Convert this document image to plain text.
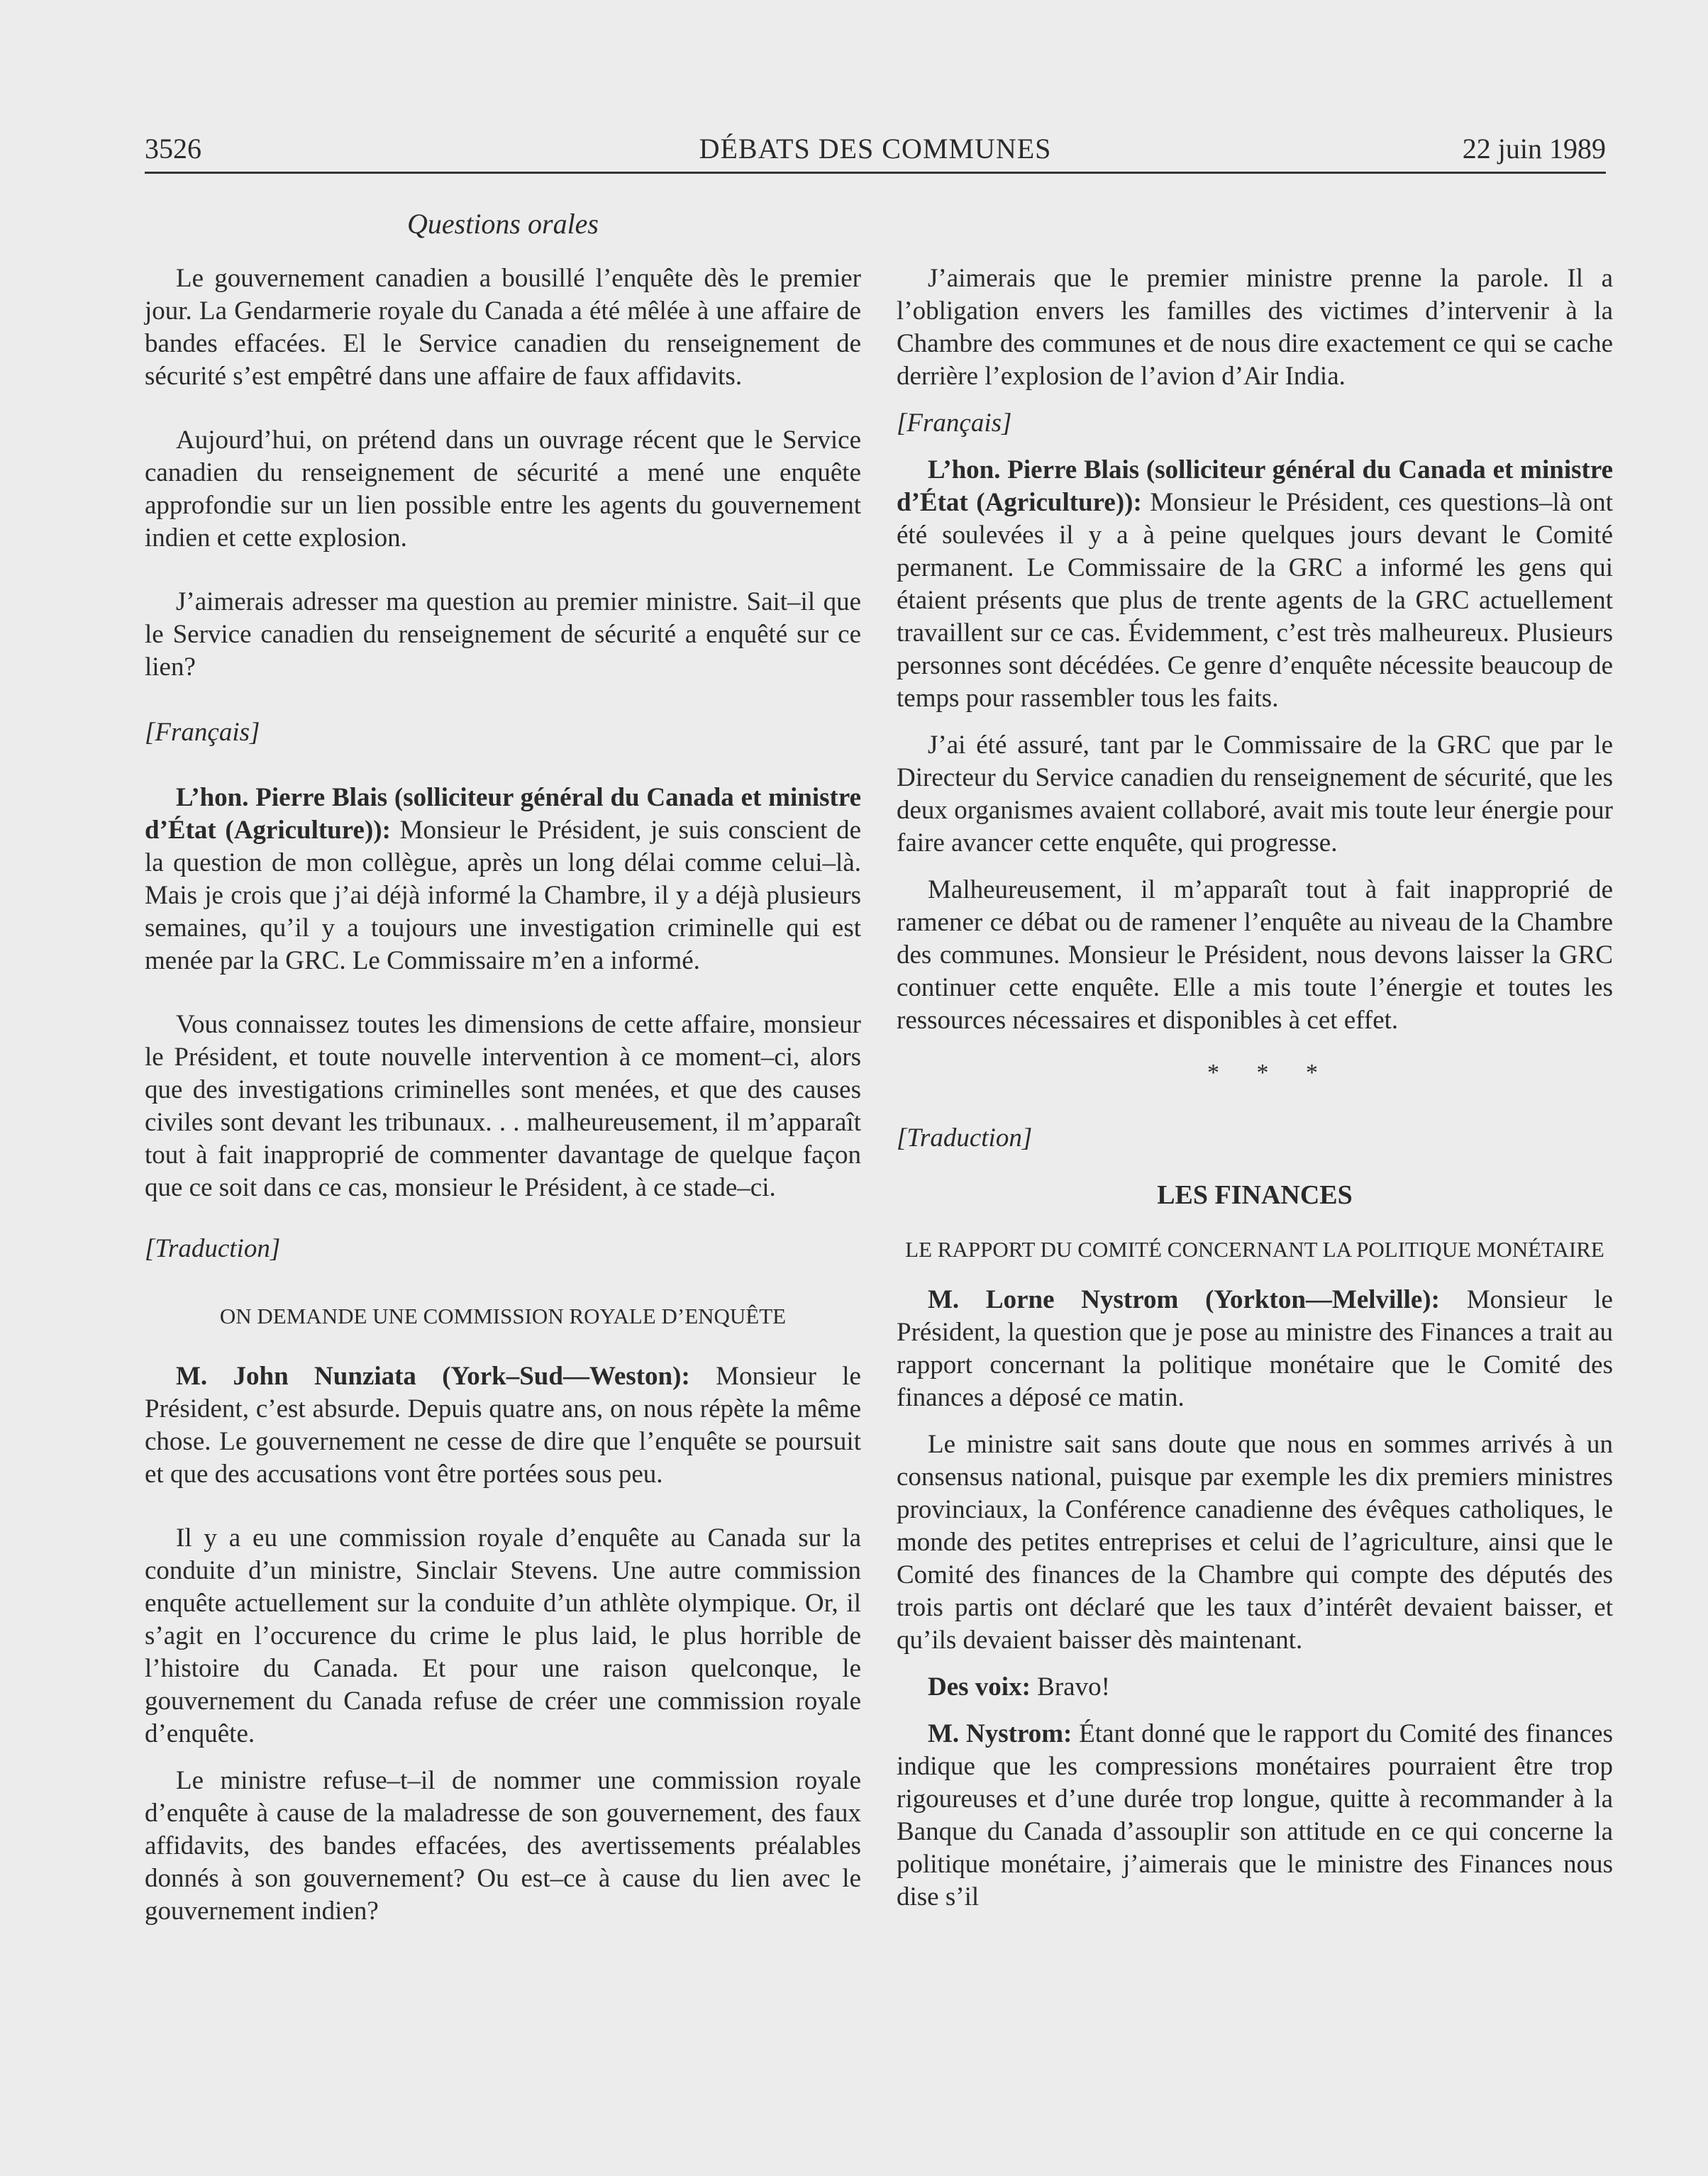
3526	DÉBATS DES COMMUNES	22 juin 1989
Questions orales

Le gouvernement canadien a bousillé l’enquête dès le premier jour. La Gendarmerie royale du Canada a été mêlée à une affaire de bandes effacées. El le Service canadien du renseignement de sécurité s’est empêtré dans une affaire de faux affidavits.

Aujourd’hui, on prétend dans un ouvrage récent que le Service canadien du renseignement de sécurité a mené une enquête approfondie sur un lien possible entre les agents du gouvernement indien et cette explosion.

J’aimerais adresser ma question au premier ministre. Sait–il que le Service canadien du renseignement de sécurité a enquêté sur ce lien?

[Français]

L’hon. Pierre Blais (solliciteur général du Canada et ministre d’État (Agriculture)): Monsieur le Président, je suis conscient de la question de mon collègue, après un long délai comme celui–là. Mais je crois que j’ai déjà informé la Chambre, il y a déjà plusieurs semaines, qu’il y a toujours une investigation criminelle qui est menée par la GRC. Le Commissaire m’en a informé.

Vous connaissez toutes les dimensions de cette affaire, monsieur le Président, et toute nouvelle intervention à ce moment–ci, alors que des investigations criminelles sont menées, et que des causes civiles sont devant les tribunaux. . . malheureusement, il m’apparaît tout à fait inapproprié de commenter davantage de quelque façon que ce soit dans ce cas, monsieur le Président, à ce stade–ci.

[Traduction]

ON DEMANDE UNE COMMISSION ROYALE D’ENQUÊTE

M. John Nunziata (York–Sud—Weston): Monsieur le Président, c’est absurde. Depuis quatre ans, on nous répète la même chose. Le gouvernement ne cesse de dire que l’enquête se poursuit et que des accusations vont être portées sous peu.

Il y a eu une commission royale d’enquête au Canada sur la conduite d’un ministre, Sinclair Stevens. Une autre commission enquête actuellement sur la conduite d’un athlète olympique. Or, il s’agit en l’occurence du crime le plus laid, le plus horrible de l’histoire du Canada. Et pour une raison quelconque, le gouvernement du Canada refuse de créer une commission royale d’enquête.

Le ministre refuse–t–il de nommer une commission royale d’enquête à cause de la maladresse de son gouvernement, des faux affidavits, des bandes effacées, des avertissements préalables donnés à son gouvernement? Ou est–ce à cause du lien avec le gouvernement indien?

J’aimerais que le premier ministre prenne la parole. Il a l’obligation envers les familles des victimes d’intervenir à la Chambre des communes et de nous dire exactement ce qui se cache derrière l’explosion de l’avion d’Air India.

[Français]

L’hon. Pierre Blais (solliciteur général du Canada et ministre d’État (Agriculture)): Monsieur le Président, ces questions–là ont été soulevées il y a à peine quelques jours devant le Comité permanent. Le Commissaire de la GRC a informé les gens qui étaient présents que plus de trente agents de la GRC actuellement travaillent sur ce cas. Évidemment, c’est très malheureux. Plusieurs personnes sont décédées. Ce genre d’enquête nécessite beaucoup de temps pour rassembler tous les faits.

J’ai été assuré, tant par le Commissaire de la GRC que par le Directeur du Service canadien du renseignement de sécurité, que les deux organismes avaient collaboré, avait mis toute leur énergie pour faire avancer cette enquête, qui progresse.

Malheureusement, il m’apparaît tout à fait inapproprié de ramener ce débat ou de ramener l’enquête au niveau de la Chambre des communes. Monsieur le Président, nous devons laisser la GRC continuer cette enquête. Elle a mis toute l’énergie et toutes les ressources nécessaires et disponibles à cet effet.

* * *

[Traduction]

LES FINANCES
LE RAPPORT DU COMITÉ CONCERNANT LA POLITIQUE MONÉTAIRE

M. Lorne Nystrom (Yorkton—Melville): Monsieur le Président, la question que je pose au ministre des Finances a trait au rapport concernant la politique monétaire que le Comité des finances a déposé ce matin.

Le ministre sait sans doute que nous en sommes arrivés à un consensus national, puisque par exemple les dix premiers ministres provinciaux, la Conférence canadienne des évêques catholiques, le monde des petites entreprises et celui de l’agriculture, ainsi que le Comité des finances de la Chambre qui compte des députés des trois partis ont déclaré que les taux d’intérêt devaient baisser, et qu’ils devaient baisser dès maintenant.

Des voix: Bravo!

M. Nystrom: Étant donné que le rapport du Comité des finances indique que les compressions monétaires pourraient être trop rigoureuses et d’une durée trop longue, quitte à recommander à la Banque du Canada d’assouplir son attitude en ce qui concerne la politique monétaire, j’aimerais que le ministre des Finances nous dise s’il
